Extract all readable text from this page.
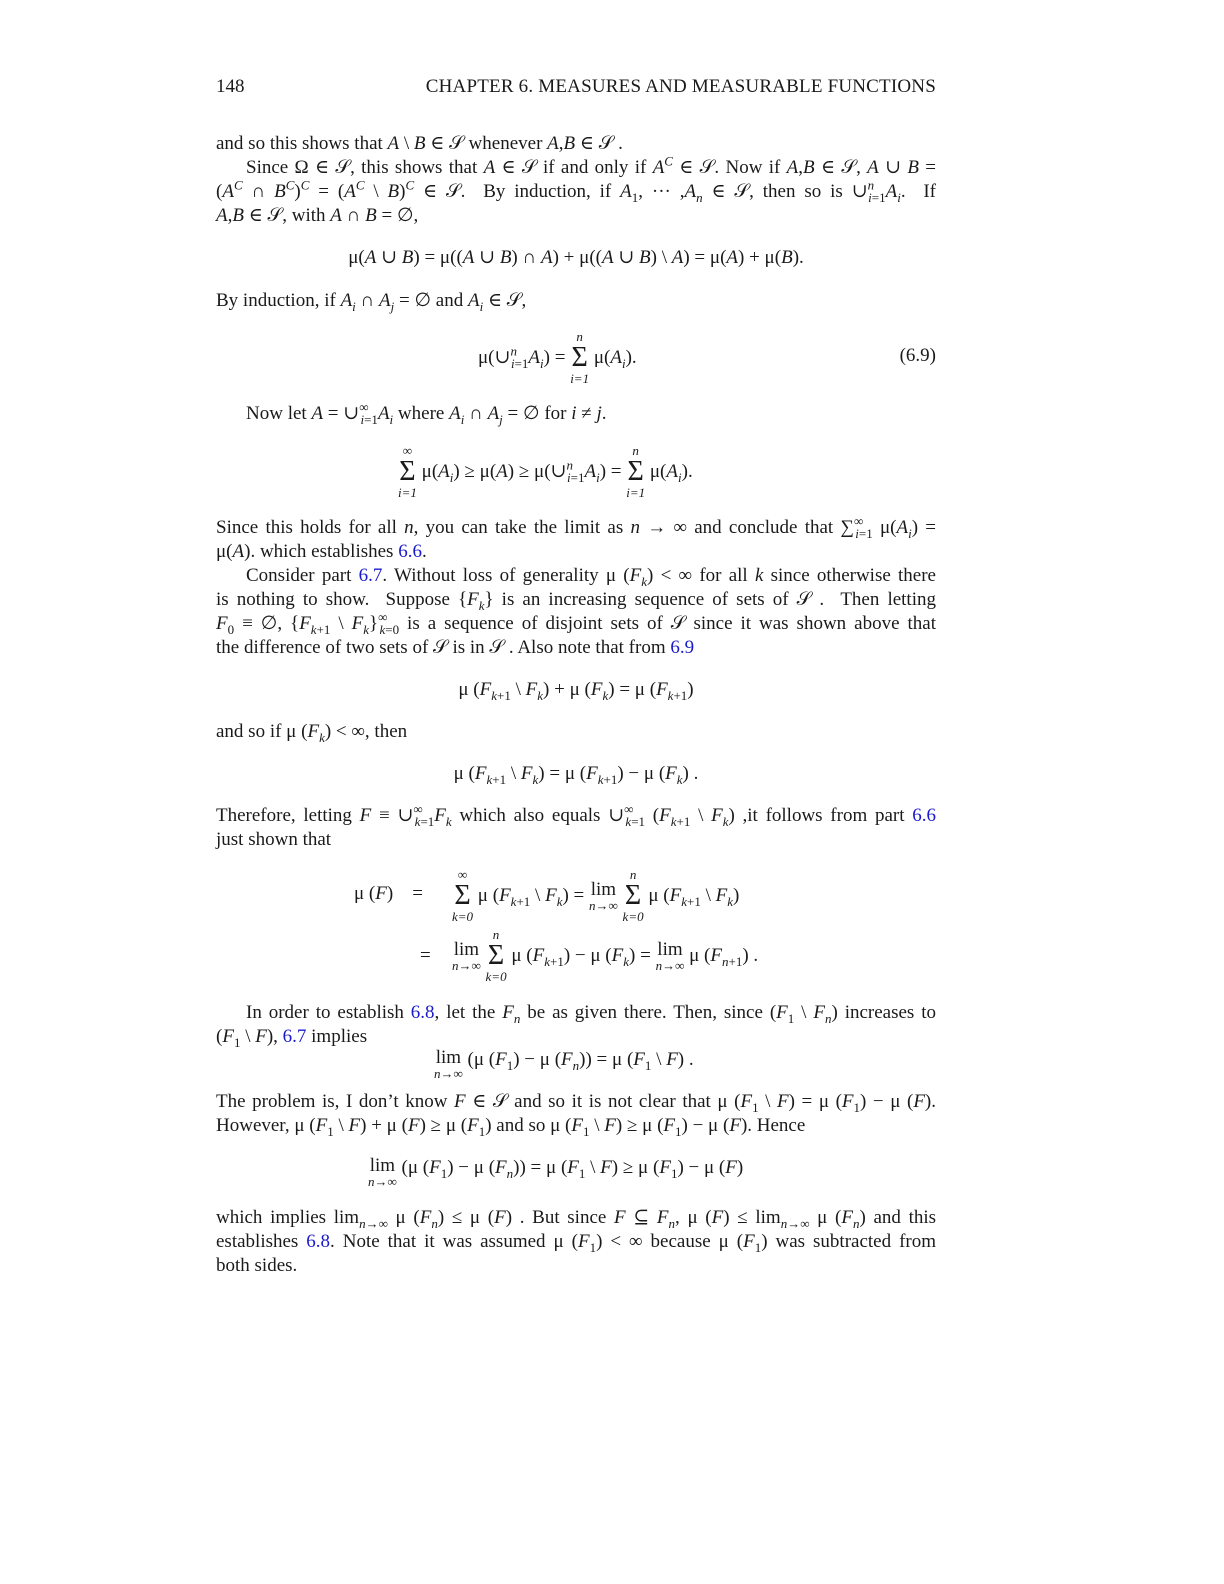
148	CHAPTER 6. MEASURES AND MEASURABLE FUNCTIONS
and so this shows that A \ B ∈ 𝒮 whenever A,B ∈ 𝒮 .
Since Ω ∈ 𝒮, this shows that A ∈ 𝒮 if and only if $A^C$ ∈ 𝒮. Now if A,B ∈ 𝒮, A ∪ B =
($A^C$ ∩ $B^C)^C = (A^C$ \ B)$^C$ ∈ 𝒮.  By induction, if $A_1$, ··· $,A_n$ ∈ 𝒮, then so is $\cup^n_{i=1}A_i$.  If
A,B ∈ 𝒮, with A ∩ B = ∅,
μ(A ∪ B) = μ((A ∪ B) ∩ A) + μ((A ∪ B) \ A) = μ(A) + μ(B).
By induction, if $A_i$ ∩ $A_j$ = ∅ and $A_i$ ∈ 𝒮,
$\mu(\cup^n_{i=1}A_i)$ =
n
Σ
i=1
$\mu(A_i)$.	(6.9)
Now let $A = \cup^\infty_{i=1}A_i$ where $A_i$ ∩ $A_j$ = ∅ for i ≠ j.
∞
Σ
i=1
$\mu(A_i) \ge \mu(A)$ ≥ $\mu(\cup^n_{i=1}A_i)$ =
n
Σ
i=1
$\mu(A_i)$.
Since this holds for all n, you can take the limit as n → ∞ and conclude that $\sum^\infty_{i=1}$ $\mu(A_i)$ =
μ(A). which establishes 6.6.
Consider part 6.7. Without loss of generality μ $(F_k)$ < ∞ for all k since otherwise there
is nothing to show.  Suppose $\{F_k\}$ is an increasing sequence of sets of 𝒮 .  Then letting
$F_0$ ≡ ∅, {$F_{k+1}$ \ $F_k\}^\infty_{k=0}$ is a sequence of disjoint sets of 𝒮 since it was shown above that
the difference of two sets of 𝒮 is in 𝒮 . Also note that from 6.9
μ ($F_{k+1}$ \ $F_k) + \mu$ $(F_k) = \mu$ $(F_{k+1})$
and so if μ $(F_k)$ < ∞, then
μ ($F_{k+1}$ \ $F_k) = \mu$ $(F_{k+1}) - \mu$ $(F_k)$ .
Therefore, letting $F \equiv \cup^\infty_{k=1}F_k$ which also equals $\cup^\infty_{k=1}$ ($F_{k+1}$ \ $F_k$) ,it follows from part 6.6
just shown that
μ (F)    =
∞
Σ
k=0
μ ($F_{k+1}$ \ $F_k) = \lim$
n→∞

n
Σ
k=0
μ ($F_{k+1}$ \ $F_k$)
= lim
n→∞

n
Σ
k=0
μ $(F_{k+1}) - \mu$ $(F_k) = \lim$
n→∞ μ $(F_{n+1})$ .
In order to establish 6.8, let the $F_n$ be as given there. Then, since ($F_1$ \ $F_n$) increases to
($F_1$ \ F), 6.7 implies
lim
n→∞
(μ $(F_1) - \mu$ $(F_n)) = \mu$ ($F_1$ \ F) .
The problem is, I don’t know F ∈ 𝒮 and so it is not clear that μ ($F_1$ \ F) = μ $(F_1) - \mu$ (F).
However, μ ($F_1$ \ F) + μ (F) ≥ μ $(F_1)$ and so μ ($F_1$ \ F) ≥ μ $(F_1) - \mu$ (F). Hence
lim
n→∞
(μ $(F_1) - \mu$ $(F_n)) = \mu$ ($F_1$ \ F) ≥ μ $(F_1) - \mu$ (F)
which implies $\lim_{n\to\infty} \mu$ $(F_n) \le \mu$ (F) . But since F ⊆ $F_n$, μ $(F) \le \lim_{n\to\infty} \mu$ $(F_n)$ and this
establishes 6.8. Note that it was assumed μ $(F_1)$ < ∞ because μ $(F_1)$ was subtracted from
both sides.
